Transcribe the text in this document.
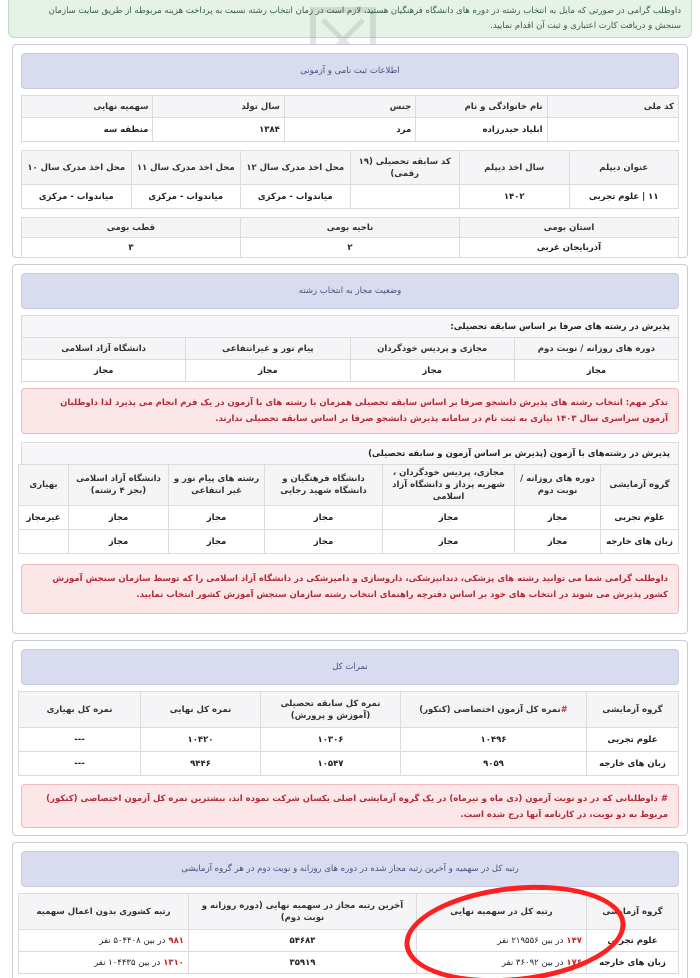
داوطلب گرامی در صورتی که مایل به انتخاب رشته در دوره های دانشگاه فرهنگیان هستید، لازم است در زمان انتخاب رشته نسبت به پرداخت هزینه مربوطه از طریق سایت سازمان
سنجش و دریافت کارت اعتباری و ثبت آن اقدام نمایید.
اطلاعات ثبت نامی و آزمونی
کد ملی	نام خانوادگی و نام	جنس	سال تولد	سهمیه نهایی
	ابلیاد حیدرزاده	مرد	۱۳۸۴	منطقه سه
عنوان دیپلم	سال اخذ دیپلم	کد سابقه تحصیلی (۱۹ رقمی)	محل اخذ مدرک سال ۱۲	محل اخذ مدرک سال ۱۱	محل اخذ مدرک سال ۱۰
۱۱ | علوم تجربی	۱۴۰۲		میاندواب - مرکزی	میاندواب - مرکزی	میاندواب - مرکزی
استان بومی	ناحیه بومی	قطب بومی
آذربایجان غربی	۲	۳
وضعیت مجاز به انتخاب رشته
پذیرش در رشته های صرفا بر اساس سابقه تحصیلی:
دوره های روزانه / نوبت دوم	مجازی و پردیس خودگردان	پیام نور و غیرانتفاعی	دانشگاه آزاد اسلامی
مجاز	مجاز	مجاز	مجاز
تذکر مهم: انتخاب رشته های پذیرش دانشجو صرفا بر اساس سابقه تحصیلی همزمان با رشته های با آزمون در یک فرم انجام می پذیرد لذا داوطلبان آزمون سراسری سال ۱۴۰۳ نیازی به ثبت نام در سامانه پذیرش دانشجو صرفا بر اساس سابقه تحصیلی ندارند.
پذیرش در رشته‌های با آزمون (پذیرش بر اساس آزمون و سابقه تحصیلی)
گروه آزمایشی	دوره های روزانه / نوبت دوم	مجازی، پردیس خودگردان ، شهریه پرداز و دانشگاه آزاد اسلامی	دانشگاه فرهنگیان و دانشگاه شهید رجایی	رشته های پیام نور و غیر انتفاعی	دانشگاه آزاد اسلامی (بجز ۴ رشته)	بهیاری
علوم تجربی	مجاز	مجاز	مجاز	مجاز	مجاز	غیرمجاز
زبان های خارجه	مجاز	مجاز	مجاز	مجاز	مجاز	
داوطلب گرامی شما می توانید رشته های پزشکی، دندانپزشکی، داروسازی و دامپزشکی در دانشگاه آزاد اسلامی را که توسط سازمان سنجش آموزش کشور پذیرش می شوند در انتخاب های خود بر اساس دفترچه راهنمای انتخاب رشته سازمان سنجش آموزش کشور انتخاب نمایید.
نمرات کل
گروه آزمایشی	#نمره کل آزمون اختصاصی (کنکور)	نمره کل سابقه تحصیلی (آموزش و پرورش)	نمره کل نهایی	نمره کل بهیاری
علوم تجربی	۱۰۴۹۶	۱۰۳۰۶	۱۰۴۲۰	---
زبان های خارجه	۹۰۵۹	۱۰۵۴۷	۹۴۴۶	---
# داوطلبانی که در دو نوبت آزمون (دی ماه و تیرماه) در یک گروه آزمایشی اصلی یکسان شرکت نموده اند، بیشترین نمره کل آزمون اختصاصی (کنکور) مربوط به دو نوبت، در کارنامه آنها درج شده است.
رتبه کل در سهمیه و آخرین رتبه مجاز شده در دوره های روزانه و نوبت دوم در هر گروه آزمایشی
گروه آزمایشی	رتبه کل در سهمیه نهایی	آخرین رتبه مجاز در سهمیه نهایی (دوره روزانه و نوبت دوم)	رتبه کشوری بدون اعمال سهمیه
علوم تجربی	۱۴۷ در بین ۲۱۹۵۵۶ نفر	۵۴۶۸۳	۹۸۱ در بین ۵۰۴۴۰۸ نفر
زبان های خارجه	۱۷۶ در بین ۳۶۰۹۲ نفر	۳۵۹۱۹	۱۳۱۰ در بین ۱۰۴۴۳۵ نفر
